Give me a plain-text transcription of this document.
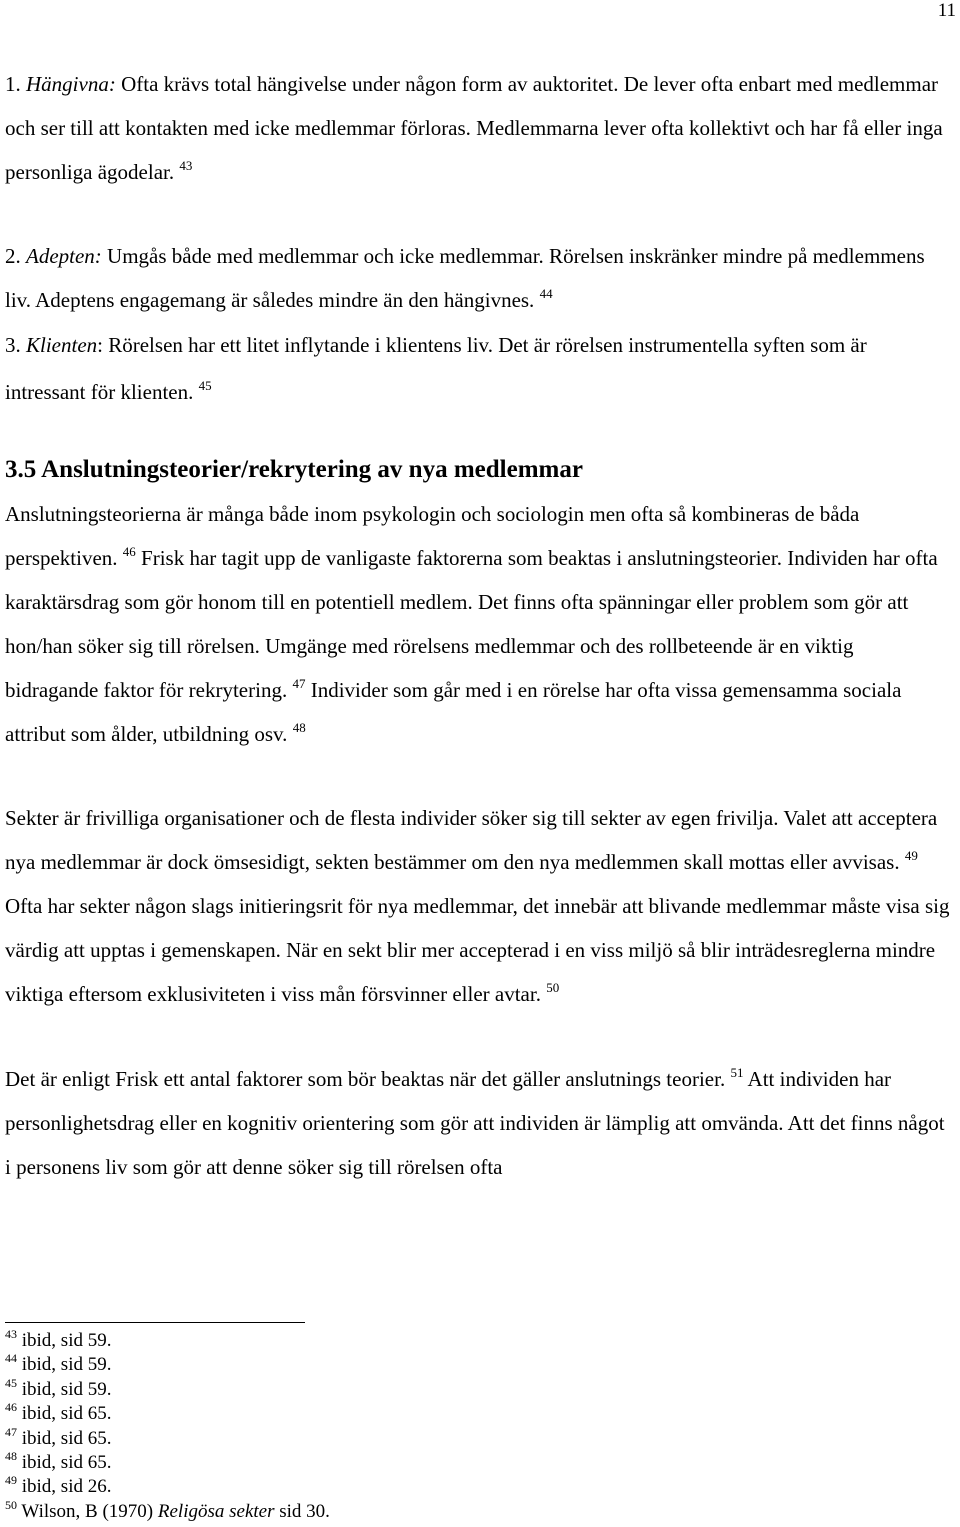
11

1. Hängivna: Ofta krävs total hängivelse under någon form av auktoritet. De lever ofta enbart med medlemmar och ser till att kontakten med icke medlemmar förloras. Medlemmarna lever ofta kollektivt och har få eller inga personliga ägodelar. $^{43}$

2. Adepten: Umgås både med medlemmar och icke medlemmar. Rörelsen inskränker mindre på medlemmens liv. Adeptens engagemang är således mindre än den hängivnes. $^{44}$

3. Klienten: Rörelsen har ett litet inflytande i klientens liv. Det är rörelsen instrumentella syften som är intressant för klienten. $^{45}$

3.5 Anslutningsteorier/rekrytering av nya medlemmar

Anslutningsteorierna är många både inom psykologin och sociologin men ofta så kombineras de båda perspektiven. $^{46}$ Frisk har tagit upp de vanligaste faktorerna som beaktas i anslutningsteorier. Individen har ofta karaktärsdrag som gör honom till en potentiell medlem. Det finns ofta spänningar eller problem som gör att hon/han söker sig till rörelsen. Umgänge med rörelsens medlemmar och des rollbeteende är en viktig bidragande faktor för rekrytering. $^{47}$ Individer som går med i en rörelse har ofta vissa gemensamma sociala attribut som ålder, utbildning osv. $^{48}$

Sekter är frivilliga organisationer och de flesta individer söker sig till sekter av egen frivilja. Valet att acceptera nya medlemmar är dock ömsesidigt, sekten bestämmer om den nya medlemmen skall mottas eller avvisas. $^{49}$ Ofta har sekter någon slags initieringsrit för nya medlemmar, det innebär att blivande medlemmar måste visa sig värdig att upptas i gemenskapen. När en sekt blir mer accepterad i en viss miljö så blir inträdesreglerna mindre viktiga eftersom exklusiviteten i viss mån försvinner eller avtar. $^{50}$

Det är enligt Frisk ett antal faktorer som bör beaktas när det gäller anslutnings teorier. $^{51}$ Att individen har personlighetsdrag eller en kognitiv orientering som gör att individen är lämplig att omvända. Att det finns något i personens liv som gör att denne söker sig till rörelsen ofta

$^{43}$ ibid, sid 59.
$^{44}$ ibid, sid 59.
$^{45}$ ibid, sid 59.
$^{46}$ ibid, sid 65.
$^{47}$ ibid, sid 65.
$^{48}$ ibid, sid 65.
$^{49}$ ibid, sid 26.
$^{50}$ Wilson, B (1970) Religösa sekter sid 30.
